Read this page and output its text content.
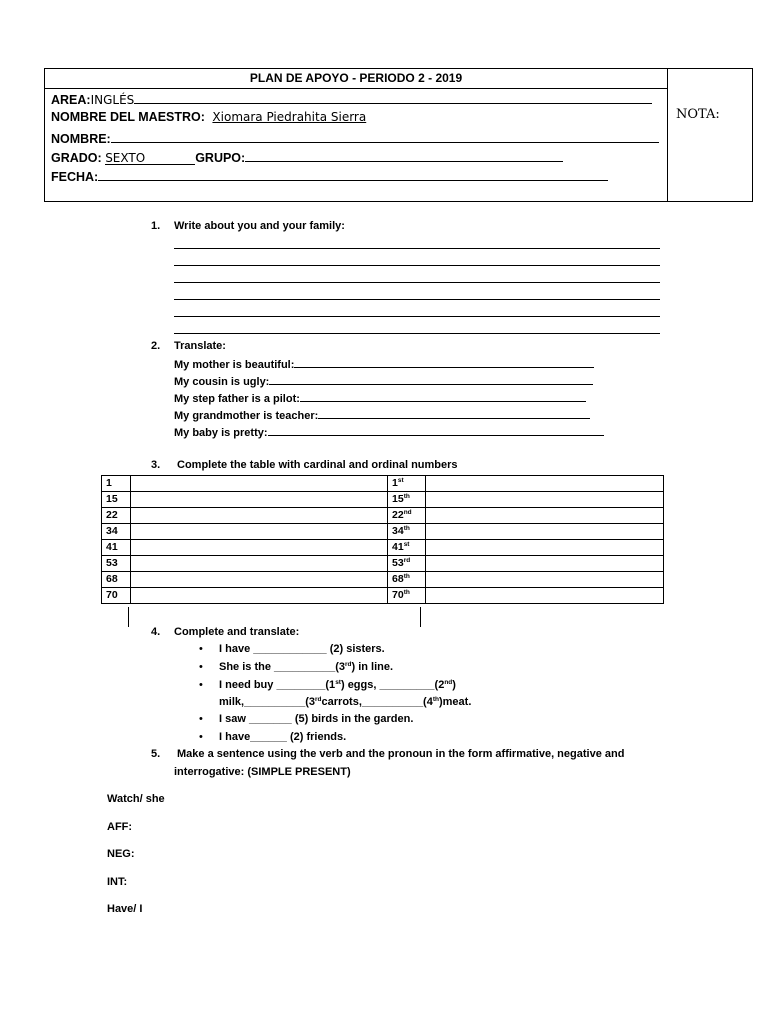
PLAN DE APOYO - PERIODO 2 - 2019
AREA:INGLÉS
NOMBRE DEL MAESTRO: Xiomara Piedrahita Sierra
NOMBRE:
GRADO: SEXTO	GRUPO:
FECHA:
NOTA:
1. Write about you and your family:
2. Translate:
My mother is beautiful:
My cousin is ugly:
My step father is a pilot:
My grandmother is teacher:
My baby is pretty:
3. Complete the table with cardinal and ordinal numbers
1		1st	
15		15th	
22		22nd	
34		34th	
41		41st	
53		53rd	
68		68th	
70		70th	
4. Complete and translate:
• I have ____________ (2) sisters.
• She is the __________(3rd) in line.
• I need buy ________(1st) eggs, _________(2nd)
milk,__________(3rdcarrots,__________(4th)meat.
• I saw _______ (5) birds in the garden.
• I have______ (2) friends.
5. Make a sentence using the verb and the pronoun in the form affirmative, negative and
interrogative: (SIMPLE PRESENT)
Watch/ she
AFF:
NEG:
INT:
Have/ I
